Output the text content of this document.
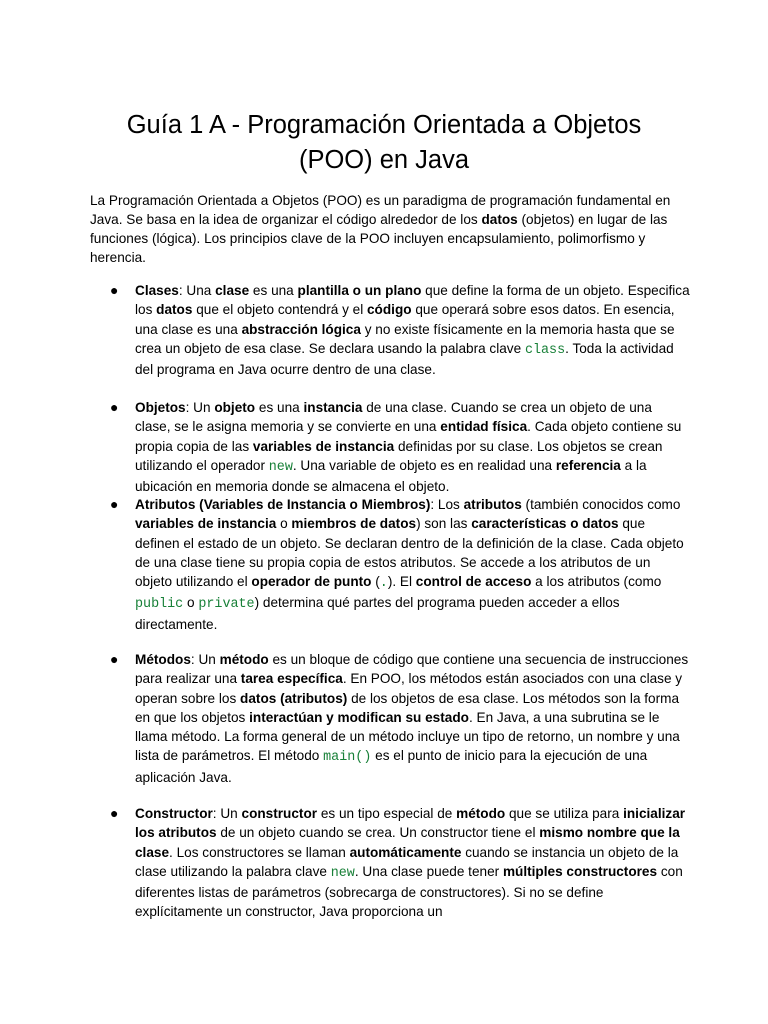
Guía 1 A - Programación Orientada a Objetos
(POO) en Java

La Programación Orientada a Objetos (POO) es un paradigma de programación fundamental en Java. Se basa en la idea de organizar el código alrededor de los datos (objetos) en lugar de las funciones (lógica). Los principios clave de la POO incluyen encapsulamiento, polimorfismo y herencia.

● Clases: Una clase es una plantilla o un plano que define la forma de un objeto. Especifica los datos que el objeto contendrá y el código que operará sobre esos datos. En esencia, una clase es una abstracción lógica y no existe físicamente en la memoria hasta que se crea un objeto de esa clase. Se declara usando la palabra clave class. Toda la actividad del programa en Java ocurre dentro de una clase.
● Objetos: Un objeto es una instancia de una clase. Cuando se crea un objeto de una clase, se le asigna memoria y se convierte en una entidad física. Cada objeto contiene su propia copia de las variables de instancia definidas por su clase. Los objetos se crean utilizando el operador new. Una variable de objeto es en realidad una referencia a la ubicación en memoria donde se almacena el objeto.
● Atributos (Variables de Instancia o Miembros): Los atributos (también conocidos como variables de instancia o miembros de datos) son las características o datos que definen el estado de un objeto. Se declaran dentro de la definición de la clase. Cada objeto de una clase tiene su propia copia de estos atributos. Se accede a los atributos de un objeto utilizando el operador de punto (.). El control de acceso a los atributos (como public o private) determina qué partes del programa pueden acceder a ellos directamente.
● Métodos: Un método es un bloque de código que contiene una secuencia de instrucciones para realizar una tarea específica. En POO, los métodos están asociados con una clase y operan sobre los datos (atributos) de los objetos de esa clase. Los métodos son la forma en que los objetos interactúan y modifican su estado. En Java, a una subrutina se le llama método. La forma general de un método incluye un tipo de retorno, un nombre y una lista de parámetros. El método main() es el punto de inicio para la ejecución de una aplicación Java.
● Constructor: Un constructor es un tipo especial de método que se utiliza para inicializar los atributos de un objeto cuando se crea. Un constructor tiene el mismo nombre que la clase. Los constructores se llaman automáticamente cuando se instancia un objeto de la clase utilizando la palabra clave new. Una clase puede tener múltiples constructores con diferentes listas de parámetros (sobrecarga de constructores). Si no se define explícitamente un constructor, Java proporciona un
